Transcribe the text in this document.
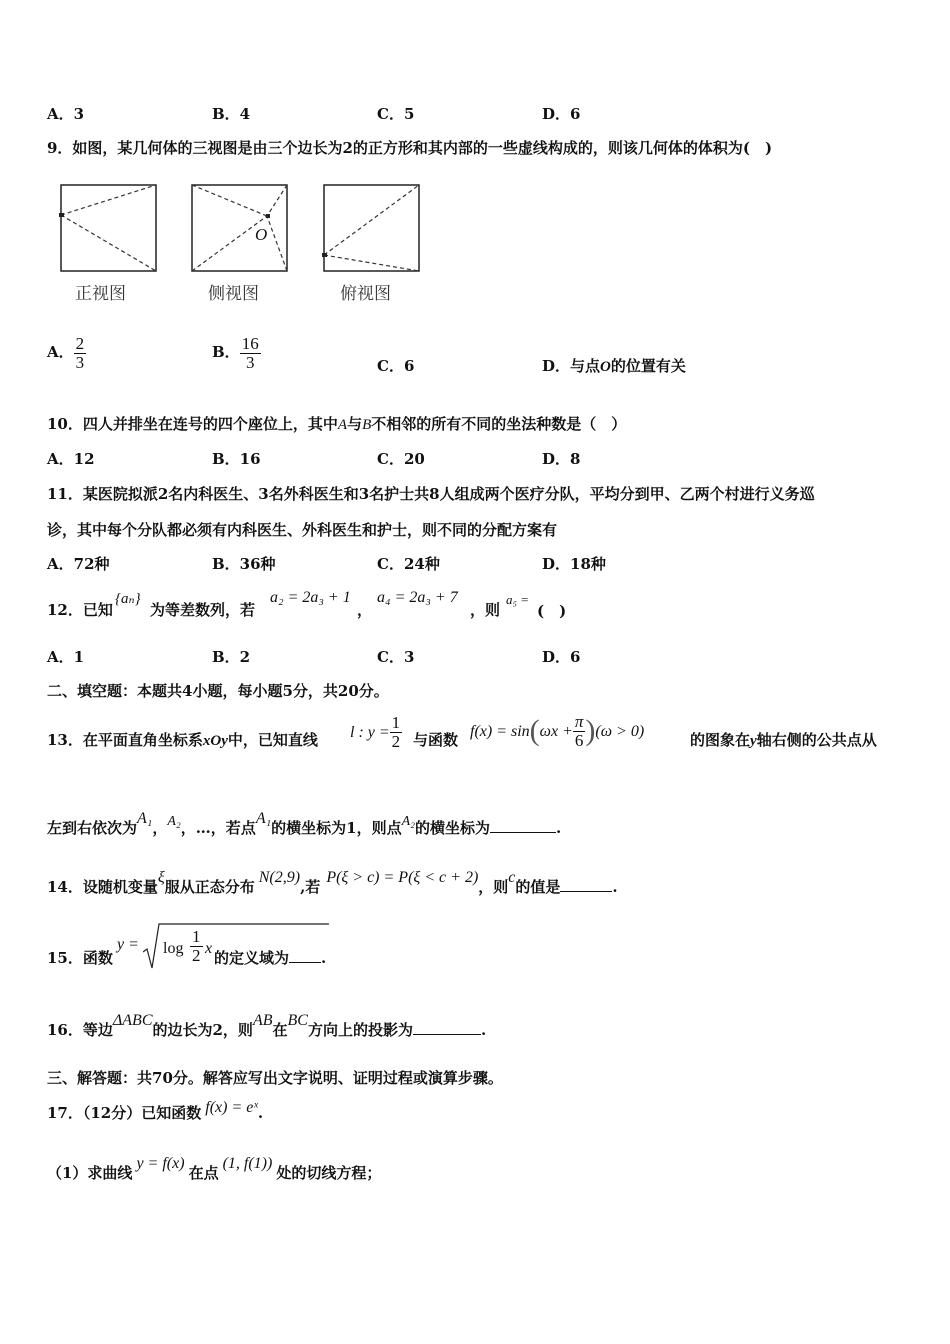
A．3	B．4	C．5	D．6
9．如图，某几何体的三视图是由三个边长为2的正方形和其内部的一些虚线构成的，则该几何体的体积为(　)
O
正视图	侧视图	俯视图
A． $\frac{2}{3}$	B． $\frac{16}{3}$	C．6	D．与点O的位置有关
10．四人并排坐在连号的四个座位上，其中A与B不相邻的所有不同的坐法种数是（　）
A．12	B．16	C．20	D．8
11．某医院拟派2名内科医生、3名外科医生和3名护士共8人组成两个医疗分队，平均分到甲、乙两个村进行义务巡
诊，其中每个分队都必须有内科医生、外科医生和护士，则不同的分配方案有
A．72种	B．36种	C．24种	D．18种
12．已知
{aₙ}
为等差数列，若
a₂ = 2a₃ + 1
，
a₄ = 2a₃ + 7
，则
a₅ =
(　)
A．1	B．2	C．3	D．6
二、填空题：本题共4小题，每小题5分，共20分。
13．在平面直角坐标系xOy中，已知直线 l : $y = \frac{1}{2}$ 与函数 $f(x) = \sin(\omega x + \frac{\pi}{6} )(\omega > 0)$	的图象在y轴右侧的公共点从
左到右依次为A₁，A₂，…，若点A₁的横坐标为1，则点A₂的横坐标为	.
14．设随机变量ξ服从正态分布N(2,9),若P(ξ > c) = P(ξ < c + 2)，则c的值是	.
15．函数
$y = \log \frac{1}{2}$ x
的定义域为 .
16．等边ΔABC的边长为2，则AB在BC方向上的投影为	.
三、解答题：共70分。解答应写出文字说明、证明过程或演算步骤。
17．（12分）已知函数 f(x) = eˣ.
（1）求曲线y = f(x)在点(1, f(1))处的切线方程；
